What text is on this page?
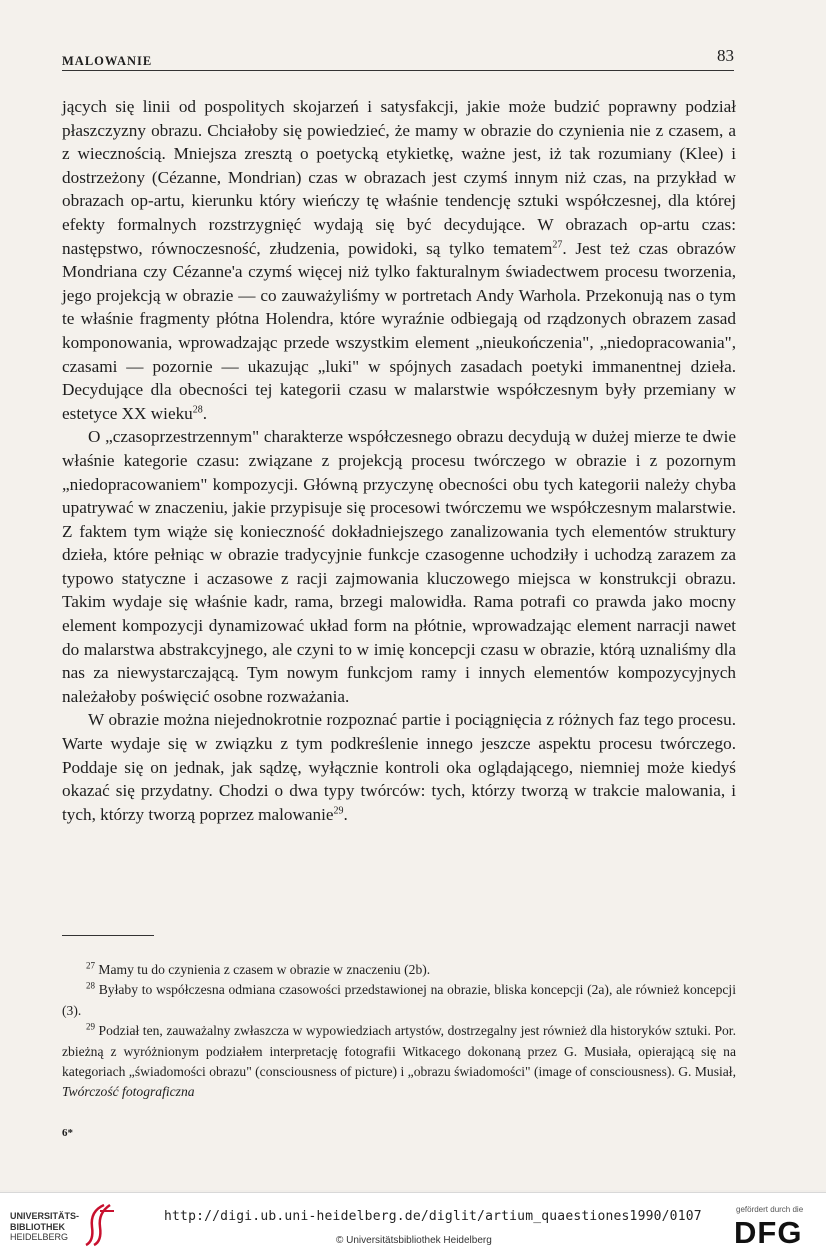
MALOWANIE	83

jących się linii od pospolitych skojarzeń i satysfakcji, jakie może budzić poprawny podział płaszczyzny obrazu. Chciałoby się powiedzieć, że mamy w obrazie do czynienia nie z czasem, a z wiecznością. Mniejsza zresztą o poetycką etykietkę, ważne jest, iż tak rozumiany (Klee) i dostrzeżony (Cézanne, Mondrian) czas w obrazach jest czymś innym niż czas, na przykład w obrazach op-artu, kierunku który wieńczy tę właśnie tendencję sztuki współczesnej, dla której efekty formalnych rozstrzygnięć wydają się być decydujące. W obrazach op-artu czas: następstwo, równoczesność, złudzenia, powidoki, są tylko tematem$^{27}$. Jest też czas obrazów Mondriana czy Cézanne'a czymś więcej niż tylko fakturalnym świadectwem procesu tworzenia, jego projekcją w obrazie — co zauważyliśmy w portretach Andy Warhola. Przekonują nas o tym te właśnie fragmenty płótna Holendra, które wyraźnie odbiegają od rządzonych obrazem zasad komponowania, wprowadzając przede wszystkim element „nieukończenia", „niedopracowania", czasami — pozornie — ukazując „luki" w spójnych zasadach poetyki immanentnej dzieła. Decydujące dla obecności tej kategorii czasu w malarstwie współczesnym były przemiany w estetyce XX wieku$^{28}$.

O „czasoprzestrzennym" charakterze współczesnego obrazu decydują w dużej mierze te dwie właśnie kategorie czasu: związane z projekcją procesu twórczego w obrazie i z pozornym „niedopracowaniem" kompozycji. Główną przyczynę obecności obu tych kategorii należy chyba upatrywać w znaczeniu, jakie przypisuje się procesowi twórczemu we współczesnym malarstwie. Z faktem tym wiąże się konieczność dokładniejszego zanalizowania tych elementów struktury dzieła, które pełniąc w obrazie tradycyjnie funkcje czasogenne uchodziły i uchodzą zarazem za typowo statyczne i aczasowe z racji zajmowania kluczowego miejsca w konstrukcji obrazu. Takim wydaje się właśnie kadr, rama, brzegi malowidła. Rama potrafi co prawda jako mocny element kompozycji dynamizować układ form na płótnie, wprowadzając element narracji nawet do malarstwa abstrakcyjnego, ale czyni to w imię koncepcji czasu w obrazie, którą uznaliśmy dla nas za niewystarczającą. Tym nowym funkcjom ramy i innych elementów kompozycyjnych należałoby poświęcić osobne rozważania.

W obrazie można niejednokrotnie rozpoznać partie i pociągnięcia z różnych faz tego procesu. Warte wydaje się w związku z tym podkreślenie innego jeszcze aspektu procesu twórczego. Poddaje się on jednak, jak sądzę, wyłącznie kontroli oka oglądającego, niemniej może kiedyś okazać się przydatny. Chodzi o dwa typy twórców: tych, którzy tworzą w trakcie malowania, i tych, którzy tworzą poprzez malowanie$^{29}$.

$^{27}$ Mamy tu do czynienia z czasem w obrazie w znaczeniu (2b).

$^{28}$ Byłaby to współczesna odmiana czasowości przedstawionej na obrazie, bliska koncepcji (2a), ale również koncepcji (3).

$^{29}$ Podział ten, zauważalny zwłaszcza w wypowiedziach artystów, dostrzegalny jest również dla historyków sztuki. Por. zbieżną z wyróżnionym podziałem interpretację fotografii Witkacego dokonaną przez G. Musiała, opierającą się na kategoriach „świadomości obrazu" (consciousness of picture) i „obrazu świadomości" (image of consciousness). G. Musiał, Twórczość fotograficzna

6*
UNIVERSITÄTS-
BIBLIOTHEK
HEIDELBERG
http://digi.ub.uni-heidelberg.de/diglit/artium_quaestiones1990/0107
© Universitätsbibliothek Heidelberg
gefördert durch die
DFG
